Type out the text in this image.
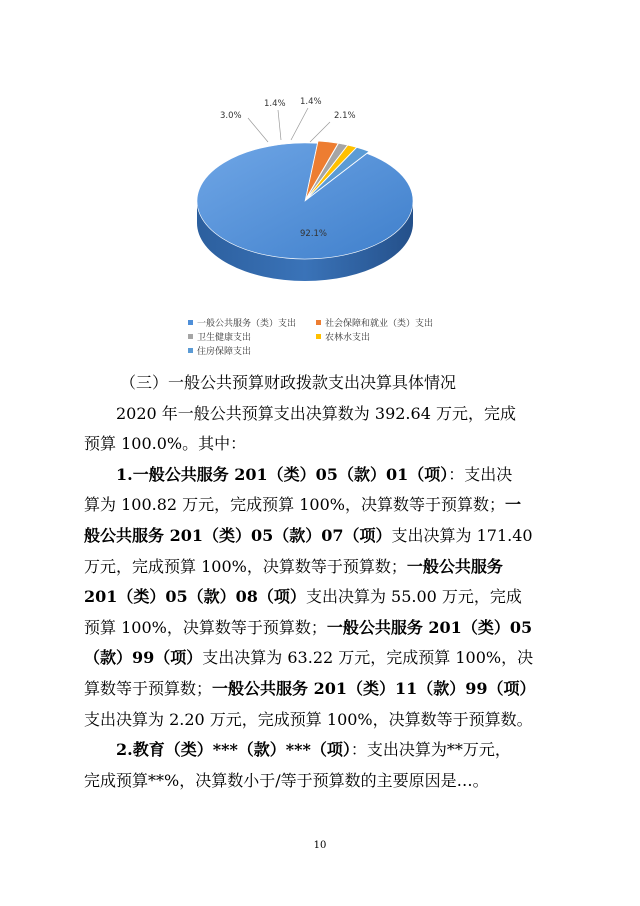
92.1%
3.0%
1.4% 1.4%
2.1%
一般公共服务（类）支出	社会保障和就业（类）支出
卫生健康支出	农林水支出
住房保障支出
（三）一般公共预算财政拨款支出决算具体情况
2020 年一般公共预算支出决算数为 392.64 万元，完成
预算 100.0%。其中：
1.一般公共服务 201（类）05（款）01（项）：支出决
算为 100.82 万元，完成预算 100%，决算数等于预算数；一
般公共服务 201（类）05（款）07（项）支出决算为 171.40
万元，完成预算 100%，决算数等于预算数；一般公共服务
201（类）05（款）08（项）支出决算为 55.00 万元，完成
预算 100%，决算数等于预算数；一般公共服务 201（类）05
（款）99（项）支出决算为 63.22 万元，完成预算 100%，决
算数等于预算数；一般公共服务 201（类）11（款）99（项）
支出决算为 2.20 万元，完成预算 100%，决算数等于预算数。
2.教育（类）***（款）***（项）：支出决算为**万元，
完成预算**%，决算数小于/等于预算数的主要原因是…。
10
